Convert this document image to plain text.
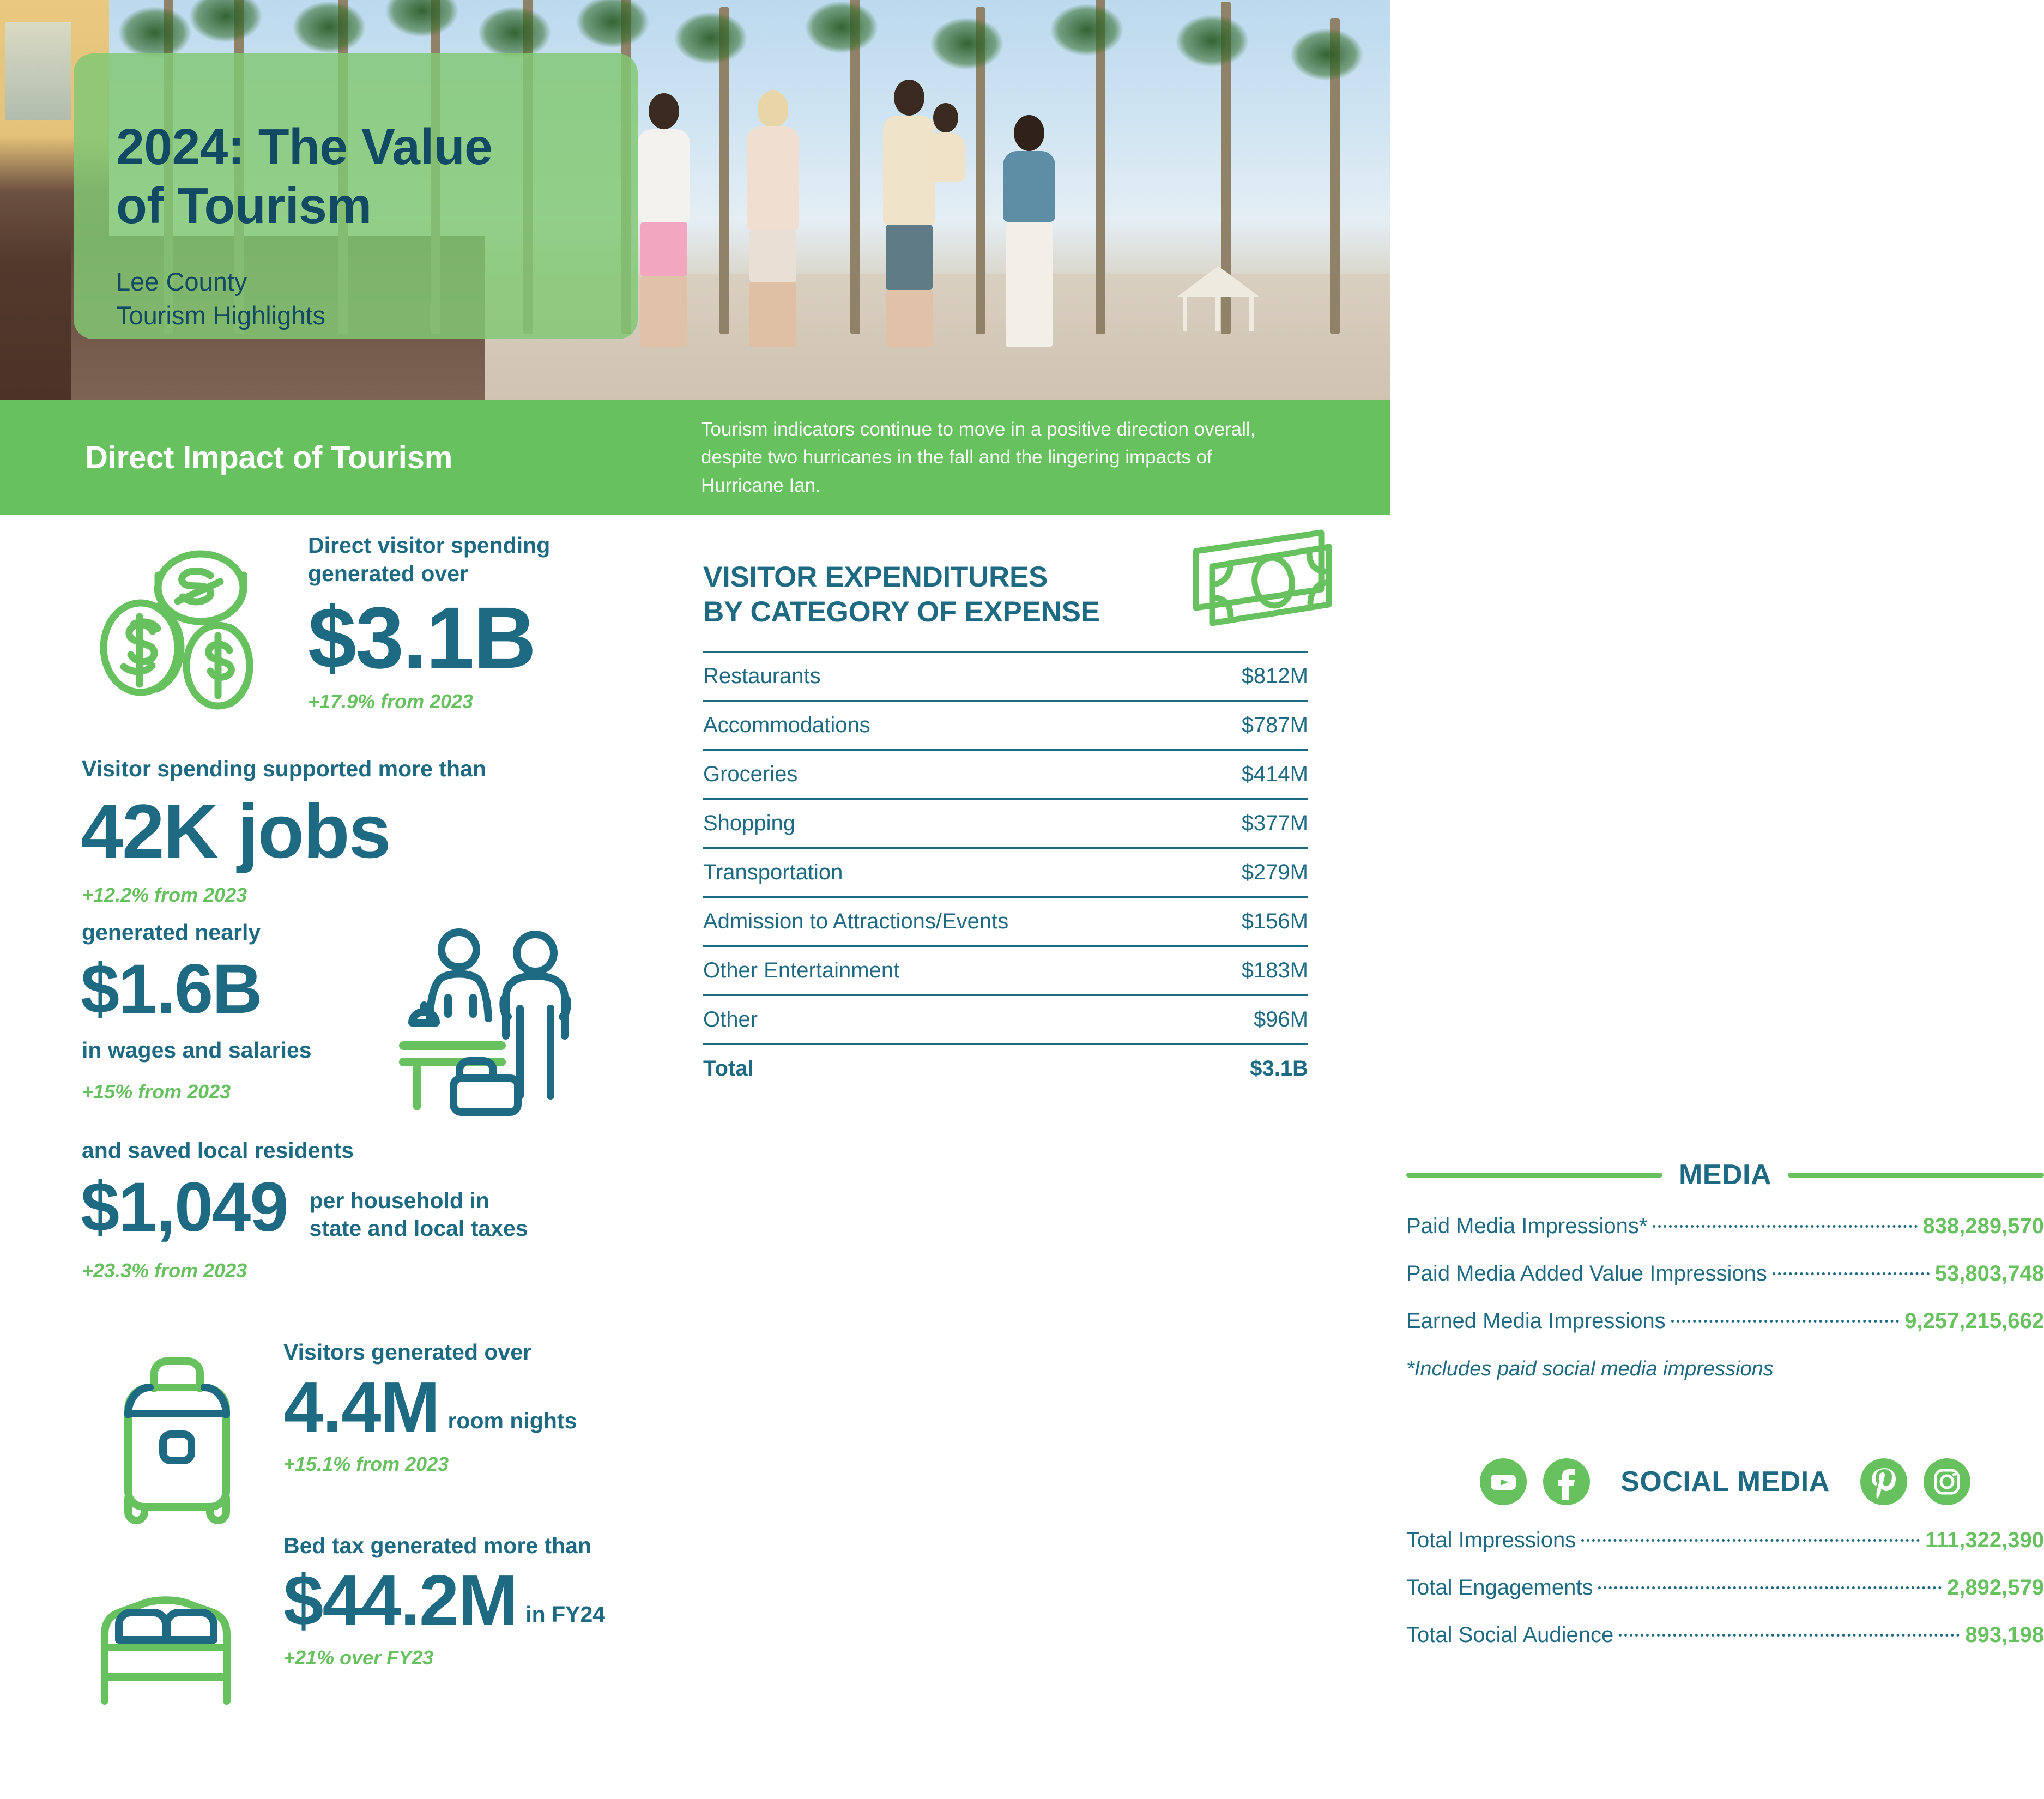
2024: The Value
of Tourism
Lee County
Tourism Highlights
Direct Impact of Tourism
Tourism indicators continue to move in a positive direction overall, despite two hurricanes in the fall and the lingering impacts of Hurricane Ian.
Direct visitor spending
generated over
$3.1B
+17.9% from 2023
Visitor spending supported more than
42K jobs
+12.2% from 2023
generated nearly
$1.6B
in wages and salaries
+15% from 2023
and saved local residents
$1,049 per household in
state and local taxes
+23.3% from 2023
Visitors generated over
4.4M room nights
+15.1% from 2023
Bed tax generated more than
$44.2M in FY24
+21% over FY23
VISITOR EXPENDITURES
BY CATEGORY OF EXPENSE
Restaurants	$812M
Accommodations	$787M
Groceries	$414M
Shopping	$377M
Transportation	$279M
Admission to Attractions/Events	$156M
Other Entertainment	$183M
Other	$96M
Total	$3.1B
MEDIA
Paid Media Impressions*	838,289,570
Paid Media Added Value Impressions	53,803,748
Earned Media Impressions	9,257,215,662
*Includes paid social media impressions
SOCIAL MEDIA
Total Impressions	111,322,390
Total Engagements	2,892,579
Total Social Audience	893,198
